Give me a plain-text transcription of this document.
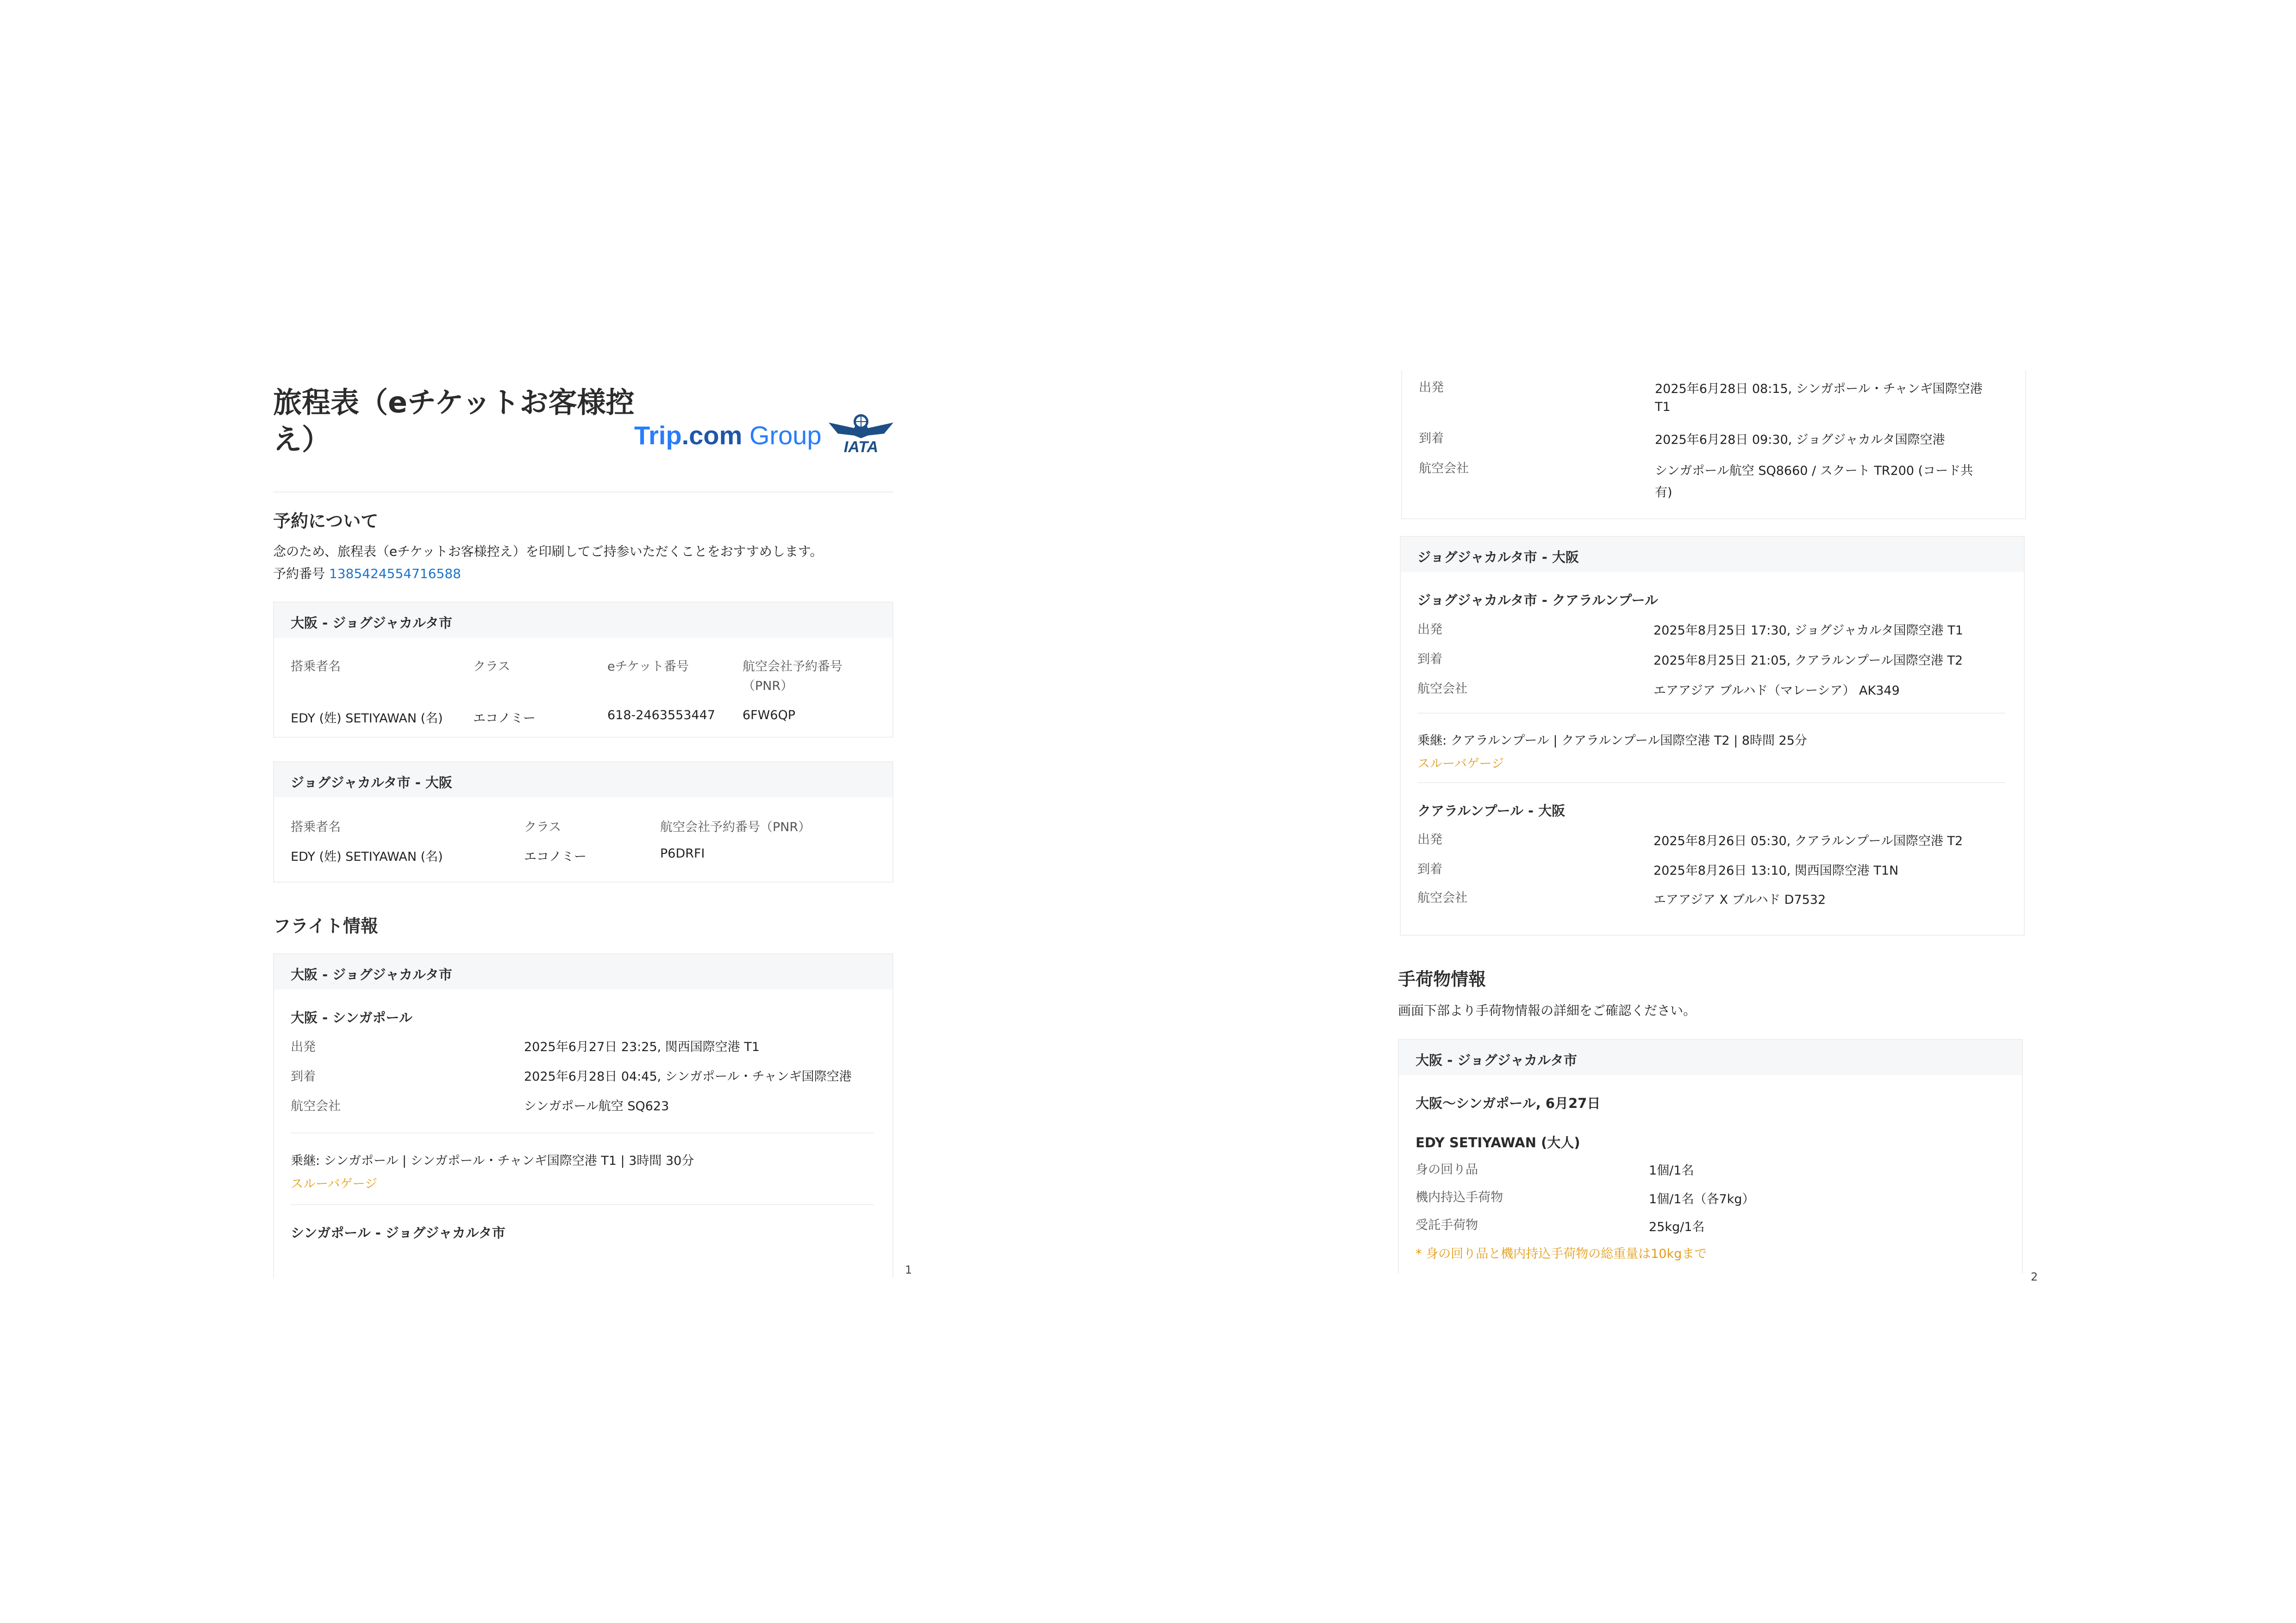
旅程表（eチケットお客様控
え）	Trip.com Group IATA
予約について
念のため、旅程表（eチケットお客様控え）を印刷してご持参いただくことをおすすめします。
予約番号 1385424554716588
大阪 - ジョグジャカルタ市
搭乗者名	クラス	eチケット番号	航空会社予約番号
（PNR）
EDY (姓) SETIYAWAN (名) エコノミー	618-2463553447 6FW6QP
ジョグジャカルタ市 - 大阪
搭乗者名	クラス	航空会社予約番号（PNR）
EDY (姓) SETIYAWAN (名)	エコノミー	P6DRFI
フライト情報
大阪 - ジョグジャカルタ市
大阪 - シンガポール
出発	2025年6月27日 23:25, 関西国際空港 T1
到着	2025年6月28日 04:45, シンガポール・チャンギ国際空港
航空会社	シンガポール航空 SQ623
乗継: シンガポール | シンガポール・チャンギ国際空港 T1 | 3時間 30分
スルーバゲージ
シンガポール - ジョグジャカルタ市
1
出発	2025年6月28日 08:15, シンガポール・チャンギ国際空港
T1
到着	2025年6月28日 09:30, ジョグジャカルタ国際空港
航空会社	シンガポール航空 SQ8660 / スクート TR200 (コード共
有)
ジョグジャカルタ市 - 大阪
ジョグジャカルタ市 - クアラルンプール
出発	2025年8月25日 17:30, ジョグジャカルタ国際空港 T1
到着	2025年8月25日 21:05, クアラルンプール国際空港 T2
航空会社	エアアジア ブルハド（マレーシア） AK349
乗継: クアラルンプール | クアラルンプール国際空港 T2 | 8時間 25分
スルーバゲージ
クアラルンプール - 大阪
出発	2025年8月26日 05:30, クアラルンプール国際空港 T2
到着	2025年8月26日 13:10, 関西国際空港 T1N
航空会社	エアアジア X ブルハド D7532
手荷物情報
画面下部より手荷物情報の詳細をご確認ください。
大阪 - ジョグジャカルタ市
大阪〜シンガポール, 6月27日
EDY SETIYAWAN (大人)
身の回り品	1個/1名
機内持込手荷物	1個/1名（各7kg）
受託手荷物	25kg/1名
* 身の回り品と機内持込手荷物の総重量は10kgまで
2
